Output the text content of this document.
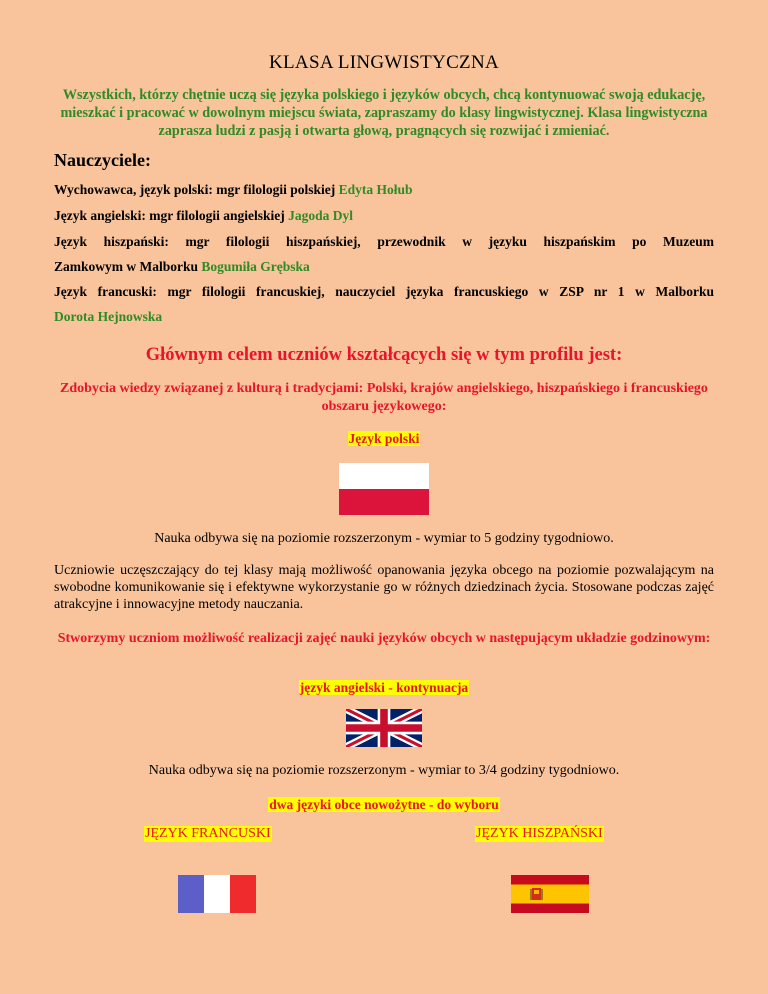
KLASA LINGWISTYCZNA
Wszystkich, którzy chętnie uczą się języka polskiego i języków obcych, chcą kontynuować swoją edukację, mieszkać i pracować w dowolnym miejscu świata, zapraszamy do klasy lingwistycznej. Klasa lingwistyczna zaprasza ludzi z pasją i otwarta głową, pragnących się rozwijać i zmieniać.
Nauczyciele:
Wychowawca, język polski: mgr filologii polskiej Edyta Hołub
Język angielski: mgr filologii angielskiej Jagoda Dyl
Język hiszpański: mgr filologii hiszpańskiej, przewodnik w języku hiszpańskim po Muzeum
Zamkowym w Malborku Bogumiła Grębska
Język francuski: mgr filologii francuskiej, nauczyciel języka francuskiego w ZSP nr 1 w Malborku
Dorota Hejnowska
Głównym celem uczniów kształcących się w tym profilu jest:
Zdobycia wiedzy związanej z kulturą i tradycjami: Polski, krajów angielskiego, hiszpańskiego i francuskiego obszaru językowego:
Język polski
Nauka odbywa się na poziomie rozszerzonym - wymiar to 5 godziny tygodniowo.
Uczniowie uczęszczający do tej klasy mają możliwość opanowania języka obcego na poziomie pozwalającym na swobodne komunikowanie się i efektywne wykorzystanie go w różnych dziedzinach życia. Stosowane podczas zajęć atrakcyjne i innowacyjne metody nauczania.
Stworzymy uczniom możliwość realizacji zajęć nauki języków obcych w następującym układzie godzinowym:
język angielski - kontynuacja
Nauka odbywa się na poziomie rozszerzonym - wymiar to 3/4 godziny tygodniowo.
dwa języki obce nowożytne - do wyboru
JĘZYK FRANCUSKI	JĘZYK HISZPAŃSKI
